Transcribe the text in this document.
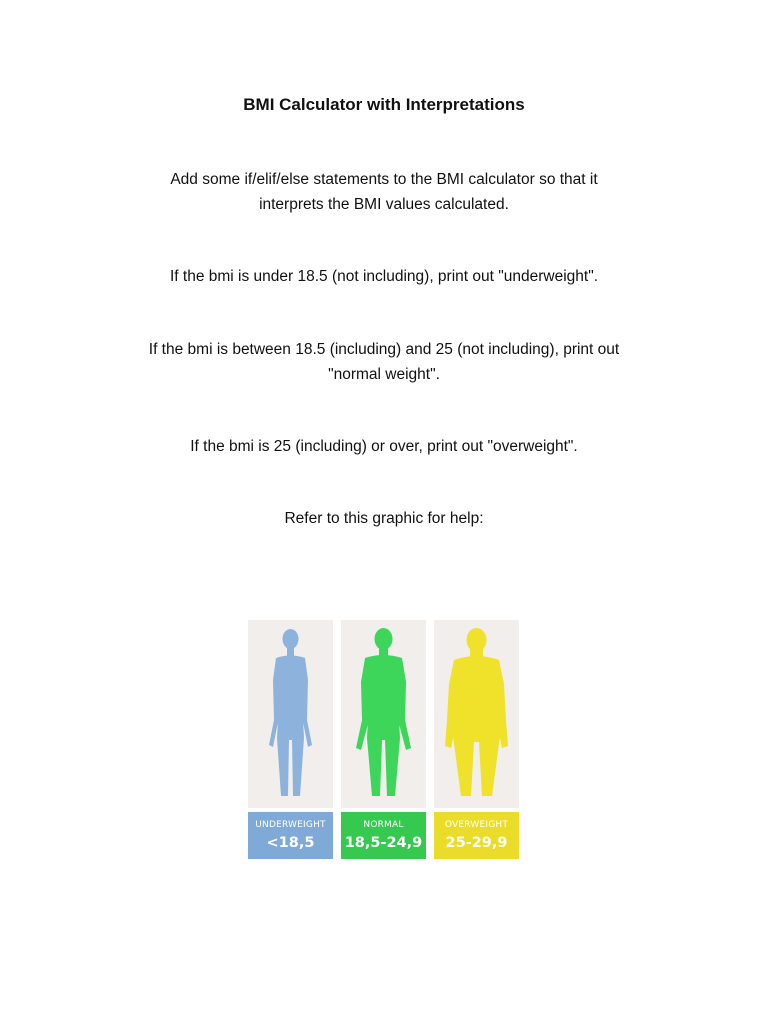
BMI Calculator with Interpretations
Add some if/elif/else statements to the BMI calculator so that it
interprets the BMI values calculated.
If the bmi is under 18.5 (not including), print out "underweight".
If the bmi is between 18.5 (including) and 25 (not including), print out
"normal weight".
If the bmi is 25 (including) or over, print out "overweight".
Refer to this graphic for help:
UNDERWEIGHT
<18,5
NORMAL
18,5-24,9
OVERWEIGHT
25-29,9
